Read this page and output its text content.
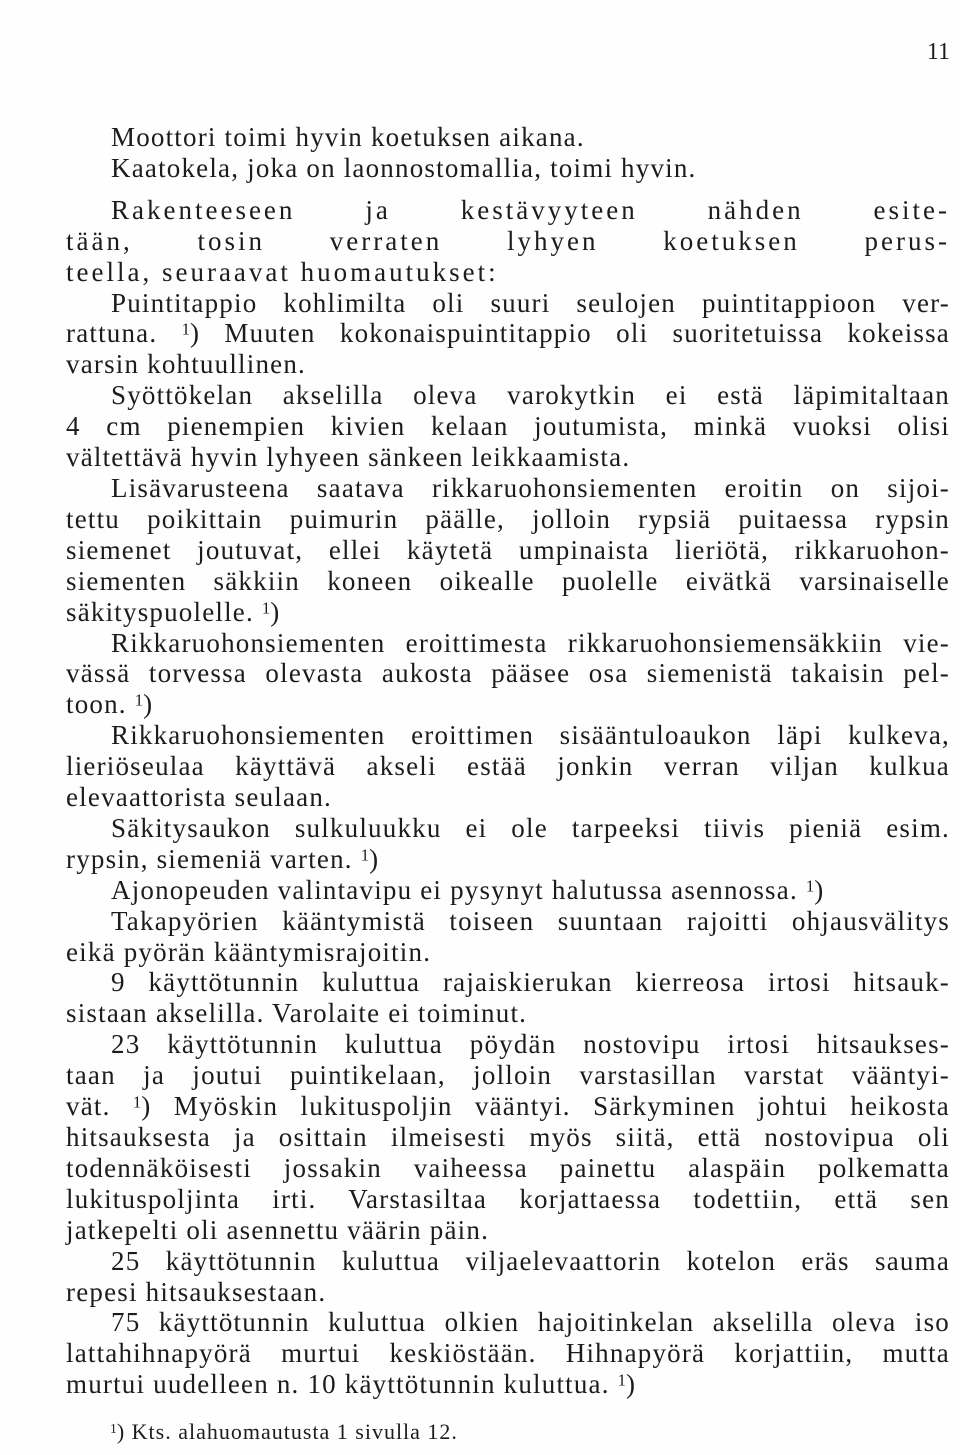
11
Moottori toimi hyvin koetuksen aikana.
Kaatokela, joka on laonnostomallia, toimi hyvin.
Rakenteeseen ja kestävyyteen nähden esite-
tään, tosin verraten lyhyen koetuksen perus-
teella, seuraavat huomautukset:
Puintitappio kohlimilta oli suuri seulojen puintitappioon ver-
rattuna. $^1$) Muuten kokonaispuintitappio oli suoritetuissa kokeissa
varsin kohtuullinen.
Syöttökelan akselilla oleva varokytkin ei estä läpimitaltaan
4 cm pienempien kivien kelaan joutumista, minkä vuoksi olisi
vältettävä hyvin lyhyeen sänkeen leikkaamista.
Lisävarusteena saatava rikkaruohonsiementen eroitin on sijoi-
tettu poikittain puimurin päälle, jolloin rypsiä puitaessa rypsin
siemenet joutuvat, ellei käytetä umpinaista lieriötä, rikkaruohon-
siementen säkkiin koneen oikealle puolelle eivätkä varsinaiselle
säkityspuolelle. $^1$)
Rikkaruohonsiementen eroittimesta rikkaruohonsiemensäkkiin vie-
vässä torvessa olevasta aukosta pääsee osa siemenistä takaisin pel-
toon. $^1$)
Rikkaruohonsiementen eroittimen sisääntuloaukon läpi kulkeva,
lieriöseulaa käyttävä akseli estää jonkin verran viljan kulkua
elevaattorista seulaan.
Säkitysaukon sulkuluukku ei ole tarpeeksi tiivis pieniä esim.
rypsin, siemeniä varten. $^1$)
Ajonopeuden valintavipu ei pysynyt halutussa asennossa. $^1$)
Takapyörien kääntymistä toiseen suuntaan rajoitti ohjausvälitys
eikä pyörän kääntymisrajoitin.
9 käyttötunnin kuluttua rajaiskierukan kierreosa irtosi hitsauk-
sistaan akselilla. Varolaite ei toiminut.
23 käyttötunnin kuluttua pöydän nostovipu irtosi hitsaukses-
taan ja joutui puintikelaan, jolloin varstasillan varstat vääntyi-
vät. $^1$) Myöskin lukituspoljin vääntyi. Särkyminen johtui heikosta
hitsauksesta ja osittain ilmeisesti myös siitä, että nostovipua oli
todennäköisesti jossakin vaiheessa painettu alaspäin polkematta
lukituspoljinta irti. Varstasiltaa korjattaessa todettiin, että sen
jatkepelti oli asennettu väärin päin.
25 käyttötunnin kuluttua viljaelevaattorin kotelon eräs sauma
repesi hitsauksestaan.
75 käyttötunnin kuluttua olkien hajoitinkelan akselilla oleva iso
lattahihnapyörä murtui keskiöstään. Hihnapyörä korjattiin, mutta
murtui uudelleen n. 10 käyttötunnin kuluttua. $^1$)
$^1$) Kts. alahuomautusta 1 sivulla 12.
